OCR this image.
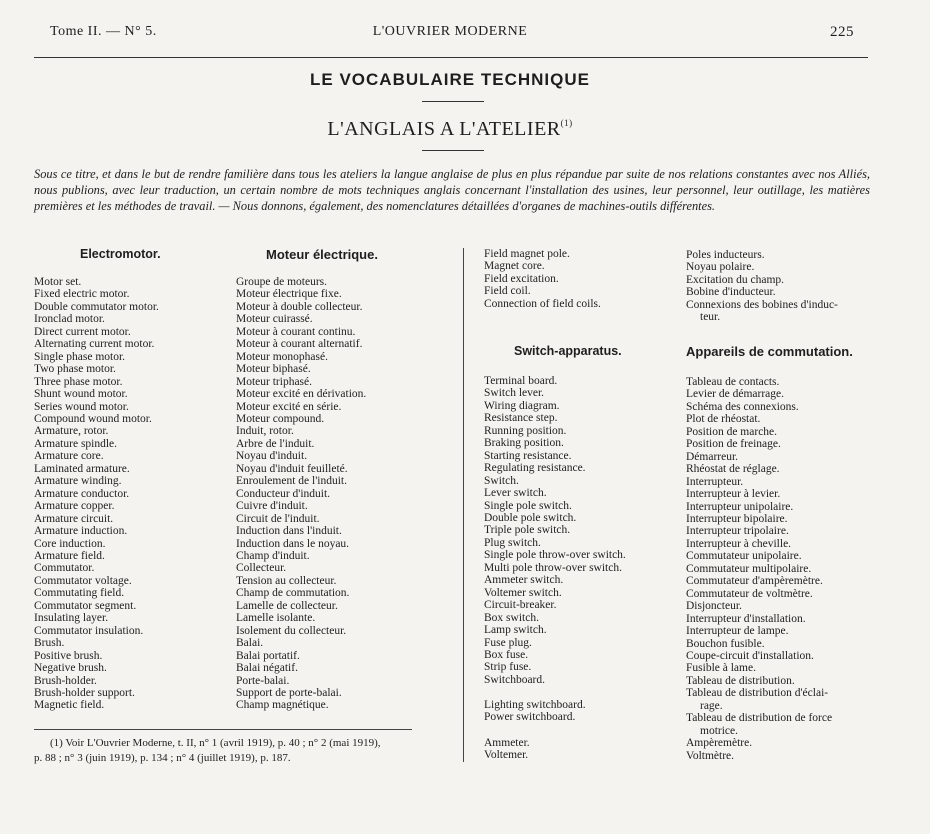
Tome II. — N° 5.	L'OUVRIER MODERNE	225
LE VOCABULAIRE TECHNIQUE
L'ANGLAIS A L'ATELIER$^{(1)}$
Sous ce titre, et dans le but de rendre familière dans tous les ateliers la langue anglaise de plus en plus répandue par suite de nos relations constantes avec nos Alliés, nous publions, avec leur traduction, un certain nombre de mots techniques anglais concernant l'installation des usines, leur personnel, leur outillage, les matières premières et les méthodes de travail. — Nous donnons, également, des nomenclatures détaillées d'organes de machines-outils différentes.
Electromotor.
Motor set.
Fixed electric motor.
Double commutator motor.
Ironclad motor.
Direct current motor.
Alternating current motor.
Single phase motor.
Two phase motor.
Three phase motor.
Shunt wound motor.
Series wound motor.
Compound wound motor.
Armature, rotor.
Armature spindle.
Armature core.
Laminated armature.
Armature winding.
Armature conductor.
Armature copper.
Armature circuit.
Armature induction.
Core induction.
Armature field.
Commutator.
Commutator voltage.
Commutating field.
Commutator segment.
Insulating layer.
Commutator insulation.
Brush.
Positive brush.
Negative brush.
Brush-holder.
Brush-holder support.
Magnetic field.
Moteur électrique.
Groupe de moteurs.
Moteur électrique fixe.
Moteur à double collecteur.
Moteur cuirassé.
Moteur à courant continu.
Moteur à courant alternatif.
Moteur monophasé.
Moteur biphasé.
Moteur triphasé.
Moteur excité en dérivation.
Moteur excité en série.
Moteur compound.
Induit, rotor.
Arbre de l'induit.
Noyau d'induit.
Noyau d'induit feuilleté.
Enroulement de l'induit.
Conducteur d'induit.
Cuivre d'induit.
Circuit de l'induit.
Induction dans l'induit.
Induction dans le noyau.
Champ d'induit.
Collecteur.
Tension au collecteur.
Champ de commutation.
Lamelle de collecteur.
Lamelle isolante.
Isolement du collecteur.
Balai.
Balai portatif.
Balai négatif.
Porte-balai.
Support de porte-balai.
Champ magnétique.
Field magnet pole.
Magnet core.
Field excitation.
Field coil.
Connection of field coils.
Switch-apparatus.
Terminal board.
Switch lever.
Wiring diagram.
Resistance step.
Running position.
Braking position.
Starting resistance.
Regulating resistance.
Switch.
Lever switch.
Single pole switch.
Double pole switch.
Triple pole switch.
Plug switch.
Single pole throw-over switch.
Multi pole throw-over switch.
Ammeter switch.
Voltemer switch.
Circuit-breaker.
Box switch.
Lamp switch.
Fuse plug.
Box fuse.
Strip fuse.
Switchboard.
Lighting switchboard.
Power switchboard.
Ammeter.
Voltemer.
Poles inducteurs.
Noyau polaire.
Excitation du champ.
Bobine d'inducteur.
Connexions des bobines d'induc-
teur.
Appareils de commutation.
Tableau de contacts.
Levier de démarrage.
Schéma des connexions.
Plot de rhéostat.
Position de marche.
Position de freinage.
Démarreur.
Rhéostat de réglage.
Interrupteur.
Interrupteur à levier.
Interrupteur unipolaire.
Interrupteur bipolaire.
Interrupteur tripolaire.
Interrupteur à cheville.
Commutateur unipolaire.
Commutateur multipolaire.
Commutateur d'ampèremètre.
Commutateur de voltmètre.
Disjoncteur.
Interrupteur d'installation.
Interrupteur de lampe.
Bouchon fusible.
Coupe-circuit d'installation.
Fusible à lame.
Tableau de distribution.
Tableau de distribution d'éclai-
rage.
Tableau de distribution de force
motrice.
Ampèremètre.
Voltmètre.
(1) Voir L'Ouvrier Moderne, t. II, n° 1 (avril 1919), p. 40 ; n° 2 (mai 1919),
p. 88 ; n° 3 (juin 1919), p. 134 ; n° 4 (juillet 1919), p. 187.
